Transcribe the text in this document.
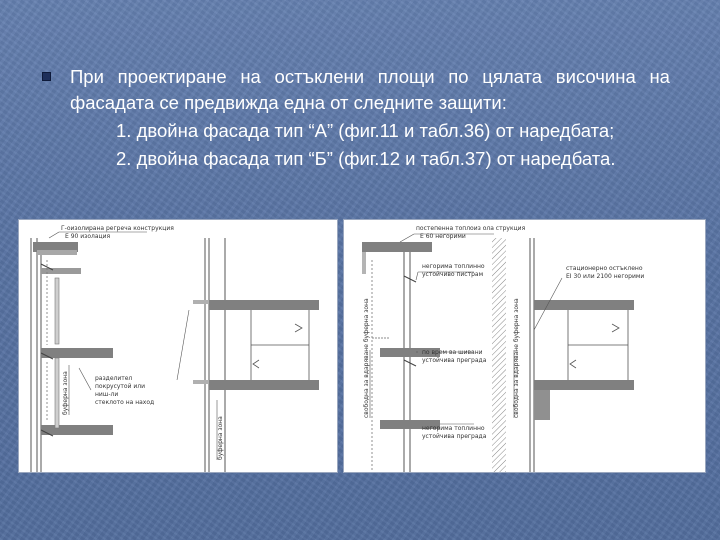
При проектиране на остъклени площи по цялата височина на
фасадата се предвижда една от следните защити:
1. двойна фасада тип “А” (фиг.11 и табл.36) от наредбата;
2. двойна фасада тип “Б” (фиг.12 и табл.37) от наредбата.
Г-оизолирана регреча конструкция
E 90 изолация
разделител
покрусутой или
ниш-ли
стеклото на наход
буферна зона
буферна зона
постепенна топлоиз ола струкция
E 60 негорими
негорима топлинно
устойчиво пистрам
стационерно остъклено
EI 30 или 2100 негорими
по врем ва шивани
устойчива преграда
негорима топлинно
устойчива преграда
свободна за вдаряване буферна зона	свободна за вдаряване буферна зона
